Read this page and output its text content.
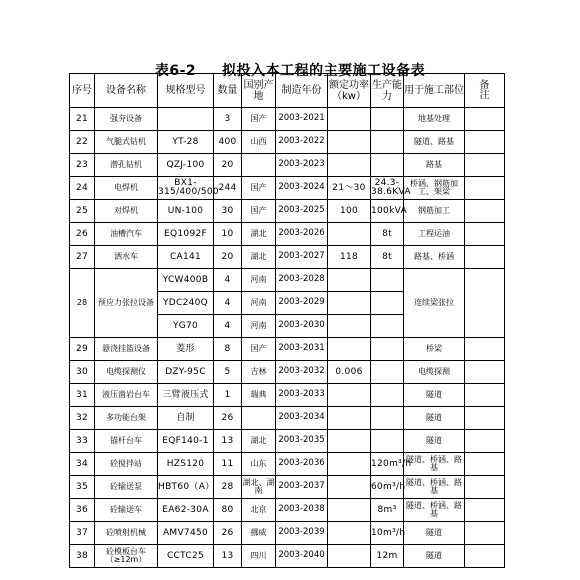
表6-2 拟投入本工程的主要施工设备表
序号	设备名称	规格型号	数量	国别产地	制造年份	额定功率（kw）	生产能力	用于施工部位	备注

21	强夯设备		3	国产	2003-2021			地基处理	
22	气腿式钻机	YT-28	400	山西	2003-2022			隧道、路基	
23	潜孔钻机	QZJ-100	20		2003-2023			路基	
24	电焊机	BX1-315/400/500	244	国产	2003-2024	21～30	24.3-38.6KVA	桥涵、钢筋加工、架梁	
25	对焊机	UN-100	30	国产	2003-2025	100	100kVA	钢筋加工	
26	油槽汽车	EQ1092F	10	湖北	2003-2026		8t	工程运油	
27	洒水车	CA141	20	湖北	2003-2027	118	8t	路基、桥涵	
28	预应力张拉设备	YCW400B	4	河南	2003-2028			连续梁张拉	
		YDC240Q	4	河南	2003-2029				
		YG70	4	河南	2003-2030				
29	悬浇挂篮设备	菱形	8	国产	2003-2031			桥梁	
30	电缆探测仪	DZY-95C	5	吉林	2003-2032	0.006		电缆探测	
31	液压凿岩台车	三臂液压式	1	瑞典	2003-2033			隧道	
32	多功能台架	自制	26		2003-2034			隧道	
33	锚杆台车	EQF140-1	13	湖北	2003-2035			隧道	
34	砼搅拌站	HZS120	11	山东	2003-2036		120m³/h	隧道、桥涵、路基	
35	砼输送泵	HBT60（A）	28	湖北、湖南	2003-2037		60m³/h	隧道、桥涵、路基	
36	砼输送车	EA62-30A	80	北京	2003-2038		8m³	隧道、桥涵、路基	
37	砼喷射机械	AMV7450	26	挪威	2003-2039		10m³/h	隧道	
38	砼模板台车（≥12m）	CCTC25	13	四川	2003-2040		12m	隧道	
